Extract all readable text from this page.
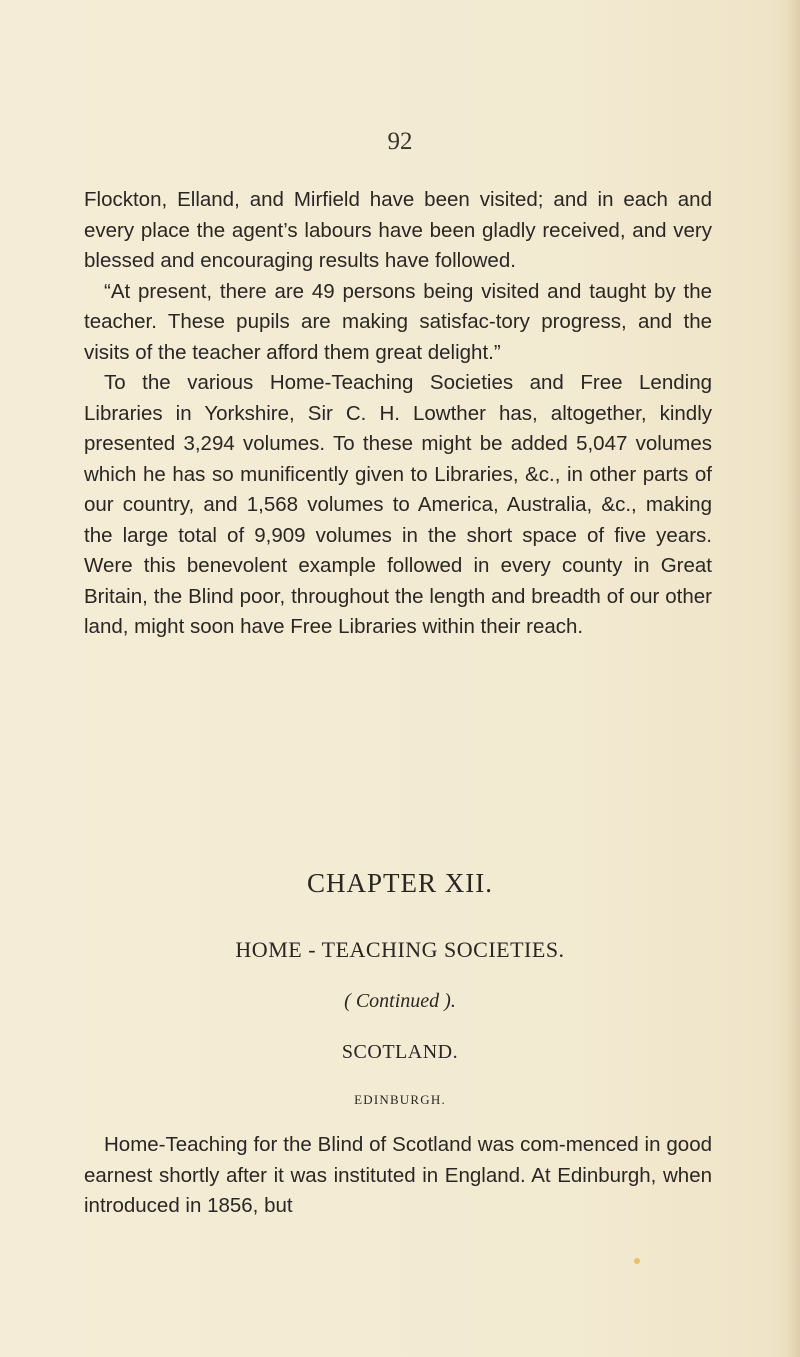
92

Flockton, Elland, and Mirfield have been visited; and in each and every place the agent’s labours have been gladly received, and very blessed and encouraging results have followed.

“At present, there are 49 persons being visited and taught by the teacher. These pupils are making satisfac-tory progress, and the visits of the teacher afford them great delight.”

To the various Home-Teaching Societies and Free Lending Libraries in Yorkshire, Sir C. H. Lowther has, altogether, kindly presented 3,294 volumes. To these might be added 5,047 volumes which he has so munificently given to Libraries, &c., in other parts of our country, and 1,568 volumes to America, Australia, &c., making the large total of 9,909 volumes in the short space of five years. Were this benevolent example followed in every county in Great Britain, the Blind poor, throughout the length and breadth of our other land, might soon have Free Libraries within their reach.

CHAPTER XII.
HOME - TEACHING SOCIETIES.
( Continued ).
SCOTLAND.
EDINBURGH.

Home-Teaching for the Blind of Scotland was com-menced in good earnest shortly after it was instituted in England. At Edinburgh, when introduced in 1856, but
